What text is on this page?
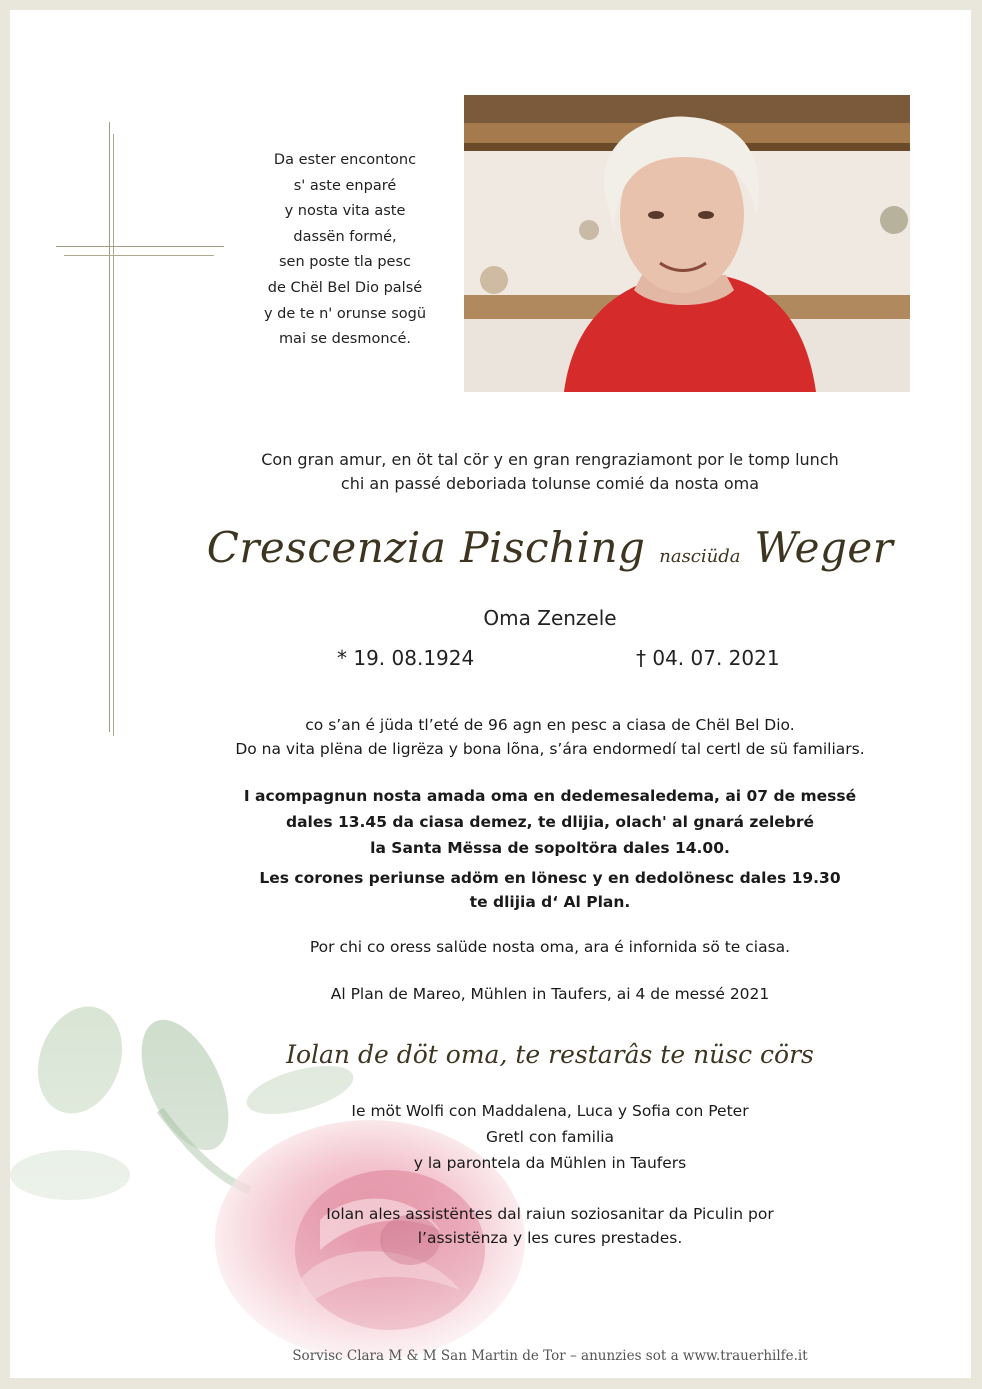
Da ester encontonc
s' aste enparé
y nosta vita aste
dassën formé,
sen poste tla pesc
de Chël Bel Dio palsé
y de te n' orunse sogü
mai se desmoncé.
Con gran amur, en öt tal cör y en gran rengraziamont por le tomp lunch
chi an passé deboriada tolunse comié da nosta oma
Crescenzia Pisching nasciüda Weger
Oma Zenzele
* 19. 08.1924	† 04. 07. 2021
co s’an é jüda tl’eté de 96 agn en pesc a ciasa de Chël Bel Dio.
Do na vita plëna de ligrëza y bona lõna, s’ára endormedí tal certl de sü familiars.
I acompagnun nosta amada oma en dedemesaledema, ai 07 de messé
dales 13.45 da ciasa demez, te dlijia, olach' al gnará zelebré
la Santa Mëssa de sopoltöra dales 14.00.
Les corones periunse adöm en lönesc y en dedolönesc dales 19.30
te dlijia d‘ Al Plan.
Por chi co oress salüde nosta oma, ara é infornida sö te ciasa.
Al Plan de Mareo, Mühlen in Taufers, ai 4 de messé 2021
Iolan de döt oma, te restarâs te nüsc cörs
Ie möt Wolfi con Maddalena, Luca y Sofia con Peter
Gretl con familia
y la parontela da Mühlen in Taufers
Iolan ales assistëntes dal raiun soziosanitar da Piculin por
l’assistënza y les cures prestades.
Sorvisc Clara M & M San Martin de Tor – anunzies sot a www.trauerhilfe.it
